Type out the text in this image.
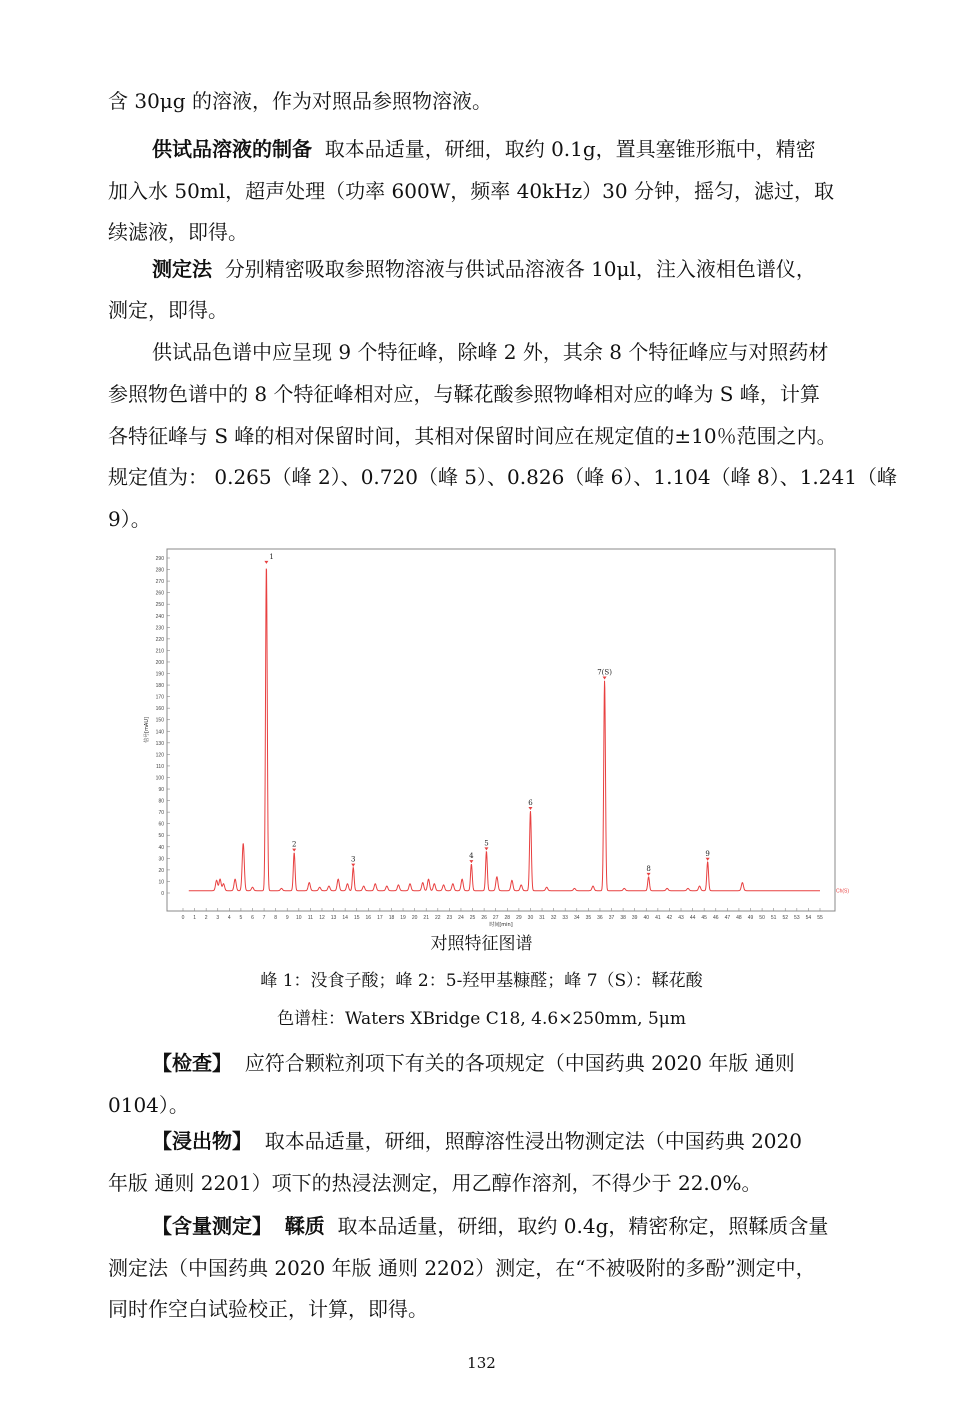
含 30μg 的溶液，作为对照品参照物溶液。
供试品溶液的制备 取本品适量，研细，取约 0.1g，置具塞锥形瓶中，精密
加入水 50ml，超声处理（功率 600W，频率 40kHz）30 分钟，摇匀，滤过，取
续滤液，即得。
测定法 分别精密吸取参照物溶液与供试品溶液各 10μl，注入液相色谱仪，
测定，即得。
供试品色谱中应呈现 9 个特征峰，除峰 2 外，其余 8 个特征峰应与对照药材
参照物色谱中的 8 个特征峰相对应，与鞣花酸参照物峰相对应的峰为 S 峰，计算
各特征峰与 S 峰的相对保留时间，其相对保留时间应在规定值的±10％范围之内。
规定值为： 0.265（峰 2）、0.720（峰 5）、0.826（峰 6）、1.104（峰 8）、1.241（峰
9）。
0
10
20
30
40
50
60
70
80
90
100
110
120
130
140
150
160
170
180
190
200
210
220
230
240
250
260
270
280
290
0 1 2 3 4 5 6 7 8 9 10 11 12 13 14 15 16 17 18 19 20 21 22 23 24 25 26 27 28 29 30 31 32 33 34 35 36 37 38 39 40 41 42 43 44 45 46 47 48 49 50 51 52 53 54 55
时间[min]
信号[mAU]
1
2
3	4
5
6
7(S)
8
9
Ch(S)
对照特征图谱
峰 1：没食子酸；峰 2：5-羟甲基糠醛；峰 7（S）：鞣花酸
色谱柱：Waters XBridge C18, 4.6×250mm, 5μm
【检查】 应符合颗粒剂项下有关的各项规定（中国药典 2020 年版 通则
0104）。
【浸出物】 取本品适量，研细，照醇溶性浸出物测定法（中国药典 2020
年版 通则 2201）项下的热浸法测定，用乙醇作溶剂，不得少于 22.0%。
【含量测定】 鞣质 取本品适量，研细，取约 0.4g，精密称定，照鞣质含量
测定法（中国药典 2020 年版 通则 2202）测定，在“不被吸附的多酚”测定中，
同时作空白试验校正，计算，即得。
132
